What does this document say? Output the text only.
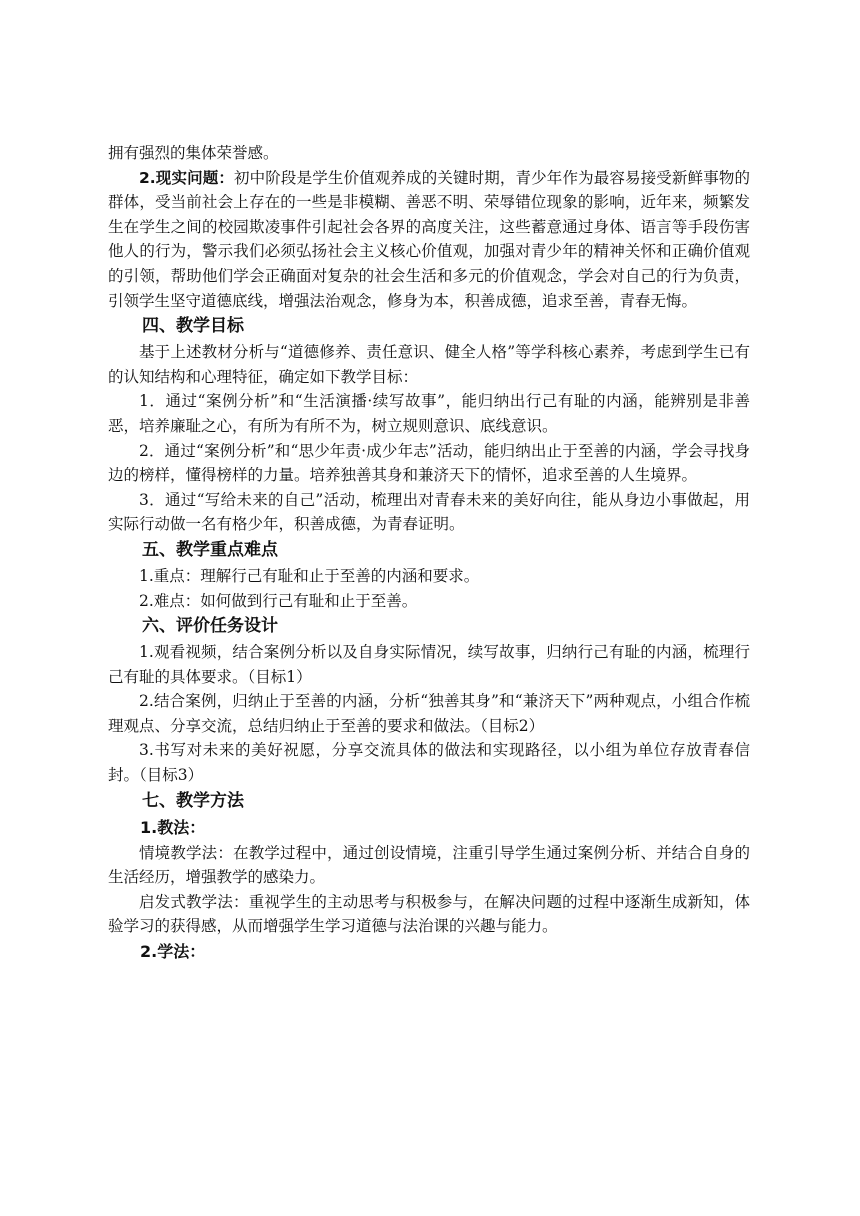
拥有强烈的集体荣誉感。

2.现实问题：初中阶段是学生价值观养成的关键时期，青少年作为最容易接受新鲜事物的群体，受当前社会上存在的一些是非模糊、善恶不明、荣辱错位现象的影响，近年来，频繁发生在学生之间的校园欺凌事件引起社会各界的高度关注，这些蓄意通过身体、语言等手段伤害他人的行为，警示我们必须弘扬社会主义核心价值观，加强对青少年的精神关怀和正确价值观的引领，帮助他们学会正确面对复杂的社会生活和多元的价值观念，学会对自己的行为负责，引领学生坚守道德底线，增强法治观念，修身为本，积善成德，追求至善，青春无悔。

四、教学目标

基于上述教材分析与“道德修养、责任意识、健全人格”等学科核心素养，考虑到学生已有的认知结构和心理特征，确定如下教学目标：

1．通过“案例分析”和“生活演播·续写故事”，能归纳出行己有耻的内涵，能辨别是非善恶，培养廉耻之心，有所为有所不为，树立规则意识、底线意识。

2．通过“案例分析”和“思少年责·成少年志”活动，能归纳出止于至善的内涵，学会寻找身边的榜样，懂得榜样的力量。培养独善其身和兼济天下的情怀，追求至善的人生境界。

3．通过“写给未来的自己”活动，梳理出对青春未来的美好向往，能从身边小事做起，用实际行动做一名有格少年，积善成德，为青春证明。

五、教学重点难点

1.重点：理解行己有耻和止于至善的内涵和要求。

2.难点：如何做到行己有耻和止于至善。

六、评价任务设计

1.观看视频，结合案例分析以及自身实际情况，续写故事，归纳行己有耻的内涵，梳理行己有耻的具体要求。（目标1）

2.结合案例，归纳止于至善的内涵，分析“独善其身”和“兼济天下”两种观点，小组合作梳理观点、分享交流，总结归纳止于至善的要求和做法。（目标2）

3.书写对未来的美好祝愿，分享交流具体的做法和实现路径，以小组为单位存放青春信封。（目标3）

七、教学方法
1.教法：

情境教学法：在教学过程中，通过创设情境，注重引导学生通过案例分析、并结合自身的生活经历，增强教学的感染力。

启发式教学法：重视学生的主动思考与积极参与，在解决问题的过程中逐渐生成新知，体验学习的获得感，从而增强学生学习道德与法治课的兴趣与能力。

2.学法：
